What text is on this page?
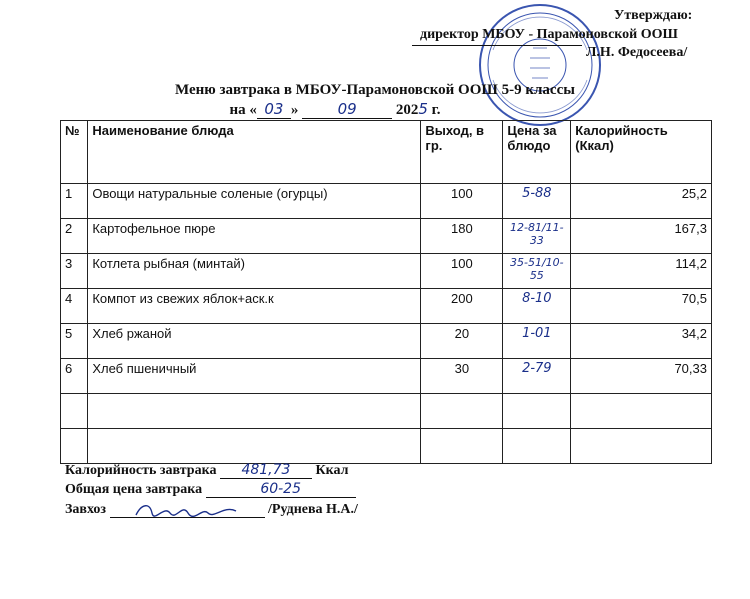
Утверждаю:
директор МБОУ - Парамоновской ООШ
Л.Н. Федосеева/
Меню завтрака в МБОУ-Парамоновской ООШ 5-9 классы
на « 03 »	09	2025 г.
№	Наименование блюда	Выход, в гр.	Цена за блюдо	Калорийность (Ккал)
1	Овощи натуральные соленые (огурцы)	100	5-88	25,2
2	Картофельное пюре	180	12-81/11-33	167,3
3	Котлета рыбная (минтай)	100	35-51/10-55	114,2
4	Компот из свежих яблок+аск.к	200	8-10	70,5
5	Хлеб ржаной	20	1-01	34,2
6	Хлеб пшеничный	30	2-79	70,33

Калорийность завтрака 481,73 Ккал
Общая цена завтрака	60-25
Завхоз	/Руднева Н.А./
